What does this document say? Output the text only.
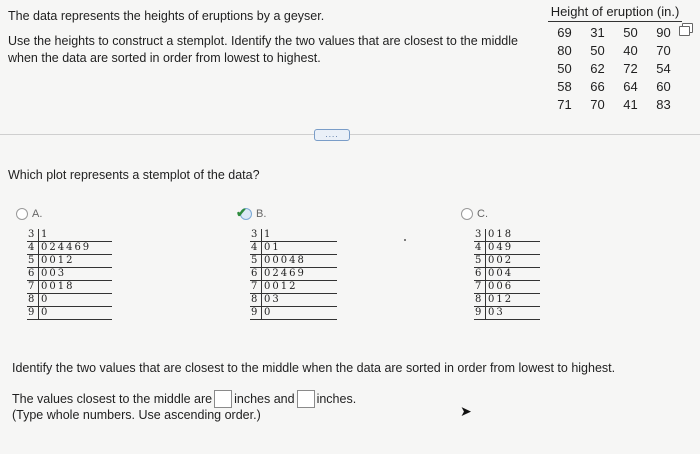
The data represents the heights of eruptions by a geyser.

Use the heights to construct a stemplot. Identify the two values that are closest to the middle when the data are sorted in order from lowest to highest.

Height of eruption (in.)
69	31	50	90
80	50	40	70
50	62	72	54
58	66	64	60
71	70	41	83
....
Which plot represents a stemplot of the data?
A.
3	1
4	024469
5	0012
6	003
7	0018
8	0
9	0
✔ B.
3	1
4	01
5	00048
6	02469
7	0012
8	03
9	0
C.
3	018
4	049
5	002
6	004
7	006
8	012
9	03
Identify the two values that are closest to the middle when the data are sorted in order from lowest to highest.
The values closest to the middle are inches and inches.
(Type whole numbers. Use ascending order.)	➤
